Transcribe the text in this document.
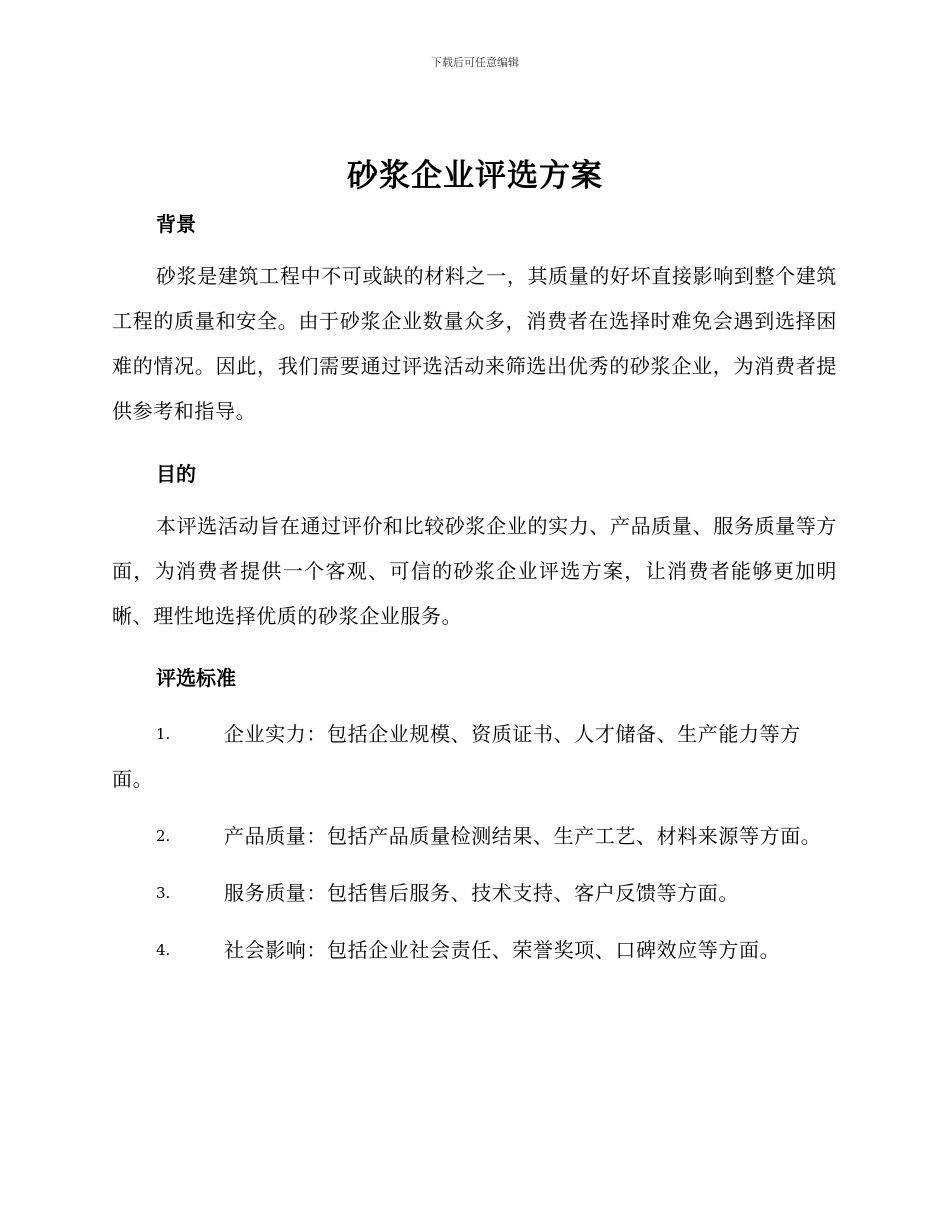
下载后可任意编辑
砂浆企业评选方案
背景

砂浆是建筑工程中不可或缺的材料之一，其质量的好坏直接影响到整个建筑工程的质量和安全。由于砂浆企业数量众多，消费者在选择时难免会遇到选择困难的情况。因此，我们需要通过评选活动来筛选出优秀的砂浆企业，为消费者提供参考和指导。

目的

本评选活动旨在通过评价和比较砂浆企业的实力、产品质量、服务质量等方面，为消费者提供一个客观、可信的砂浆企业评选方案，让消费者能够更加明晰、理性地选择优质的砂浆企业服务。

评选标准
1.	企业实力：包括企业规模、资质证书、人才储备、生产能力等方面。
2.	产品质量：包括产品质量检测结果、生产工艺、材料来源等方面。
3.	服务质量：包括售后服务、技术支持、客户反馈等方面。
4.	社会影响：包括企业社会责任、荣誉奖项、口碑效应等方面。
